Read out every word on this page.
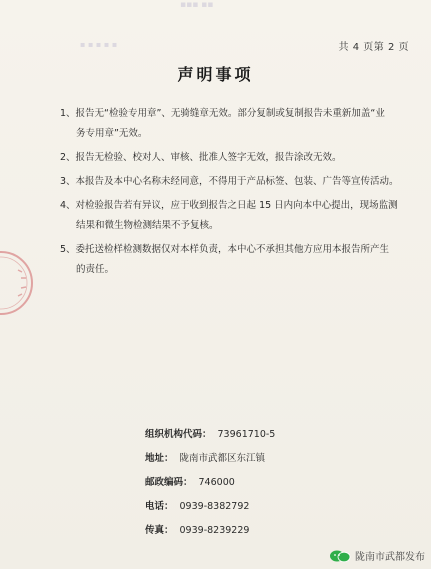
▪ ▪ ▪ ▪ ▪
▪▪▪ ▪▪
共 4 页第 2 页
声明事项
1、报告无“检验专用章”、无骑缝章无效。部分复制或复制报告未重新加盖“业
务专用章”无效。
2、报告无检验、校对人、审核、批准人签字无效，报告涂改无效。
3、本报告及本中心名称未经同意，不得用于产品标签、包装、广告等宣传活动。
4、对检验报告若有异议，应于收到报告之日起 15 日内向本中心提出，现场监测
结果和微生物检测结果不予复核。
5、委托送检样检测数据仅对本样负责，本中心不承担其他方应用本报告所产生
的责任。
组织机构代码： 73961710-5
地址： 陇南市武都区东江镇
邮政编码： 746000
电话： 0939-8382792
传真： 0939-8239229
陇南市武都发布
